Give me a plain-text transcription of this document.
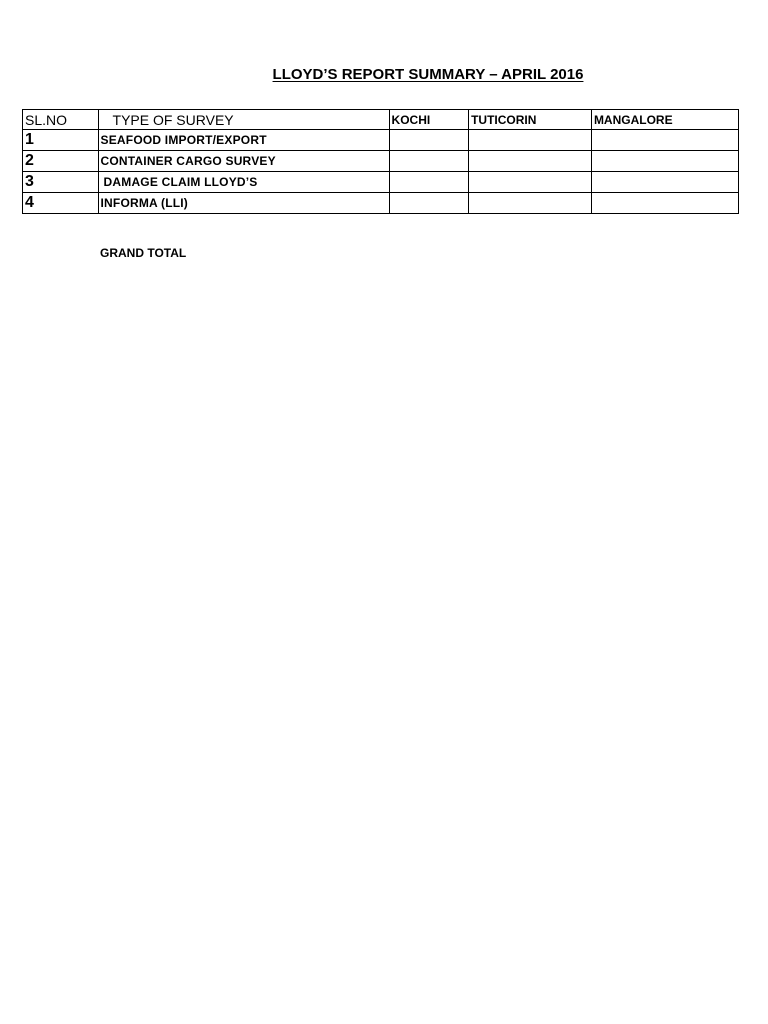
LLOYD’S REPORT SUMMARY – APRIL 2016
SL.NO	TYPE OF SURVEY	KOCHI	TUTICORIN	MANGALORE
1	SEAFOOD IMPORT/EXPORT			
2	CONTAINER CARGO SURVEY			
3	DAMAGE CLAIM LLOYD’S			
4	INFORMA (LLI)			
GRAND TOTAL
